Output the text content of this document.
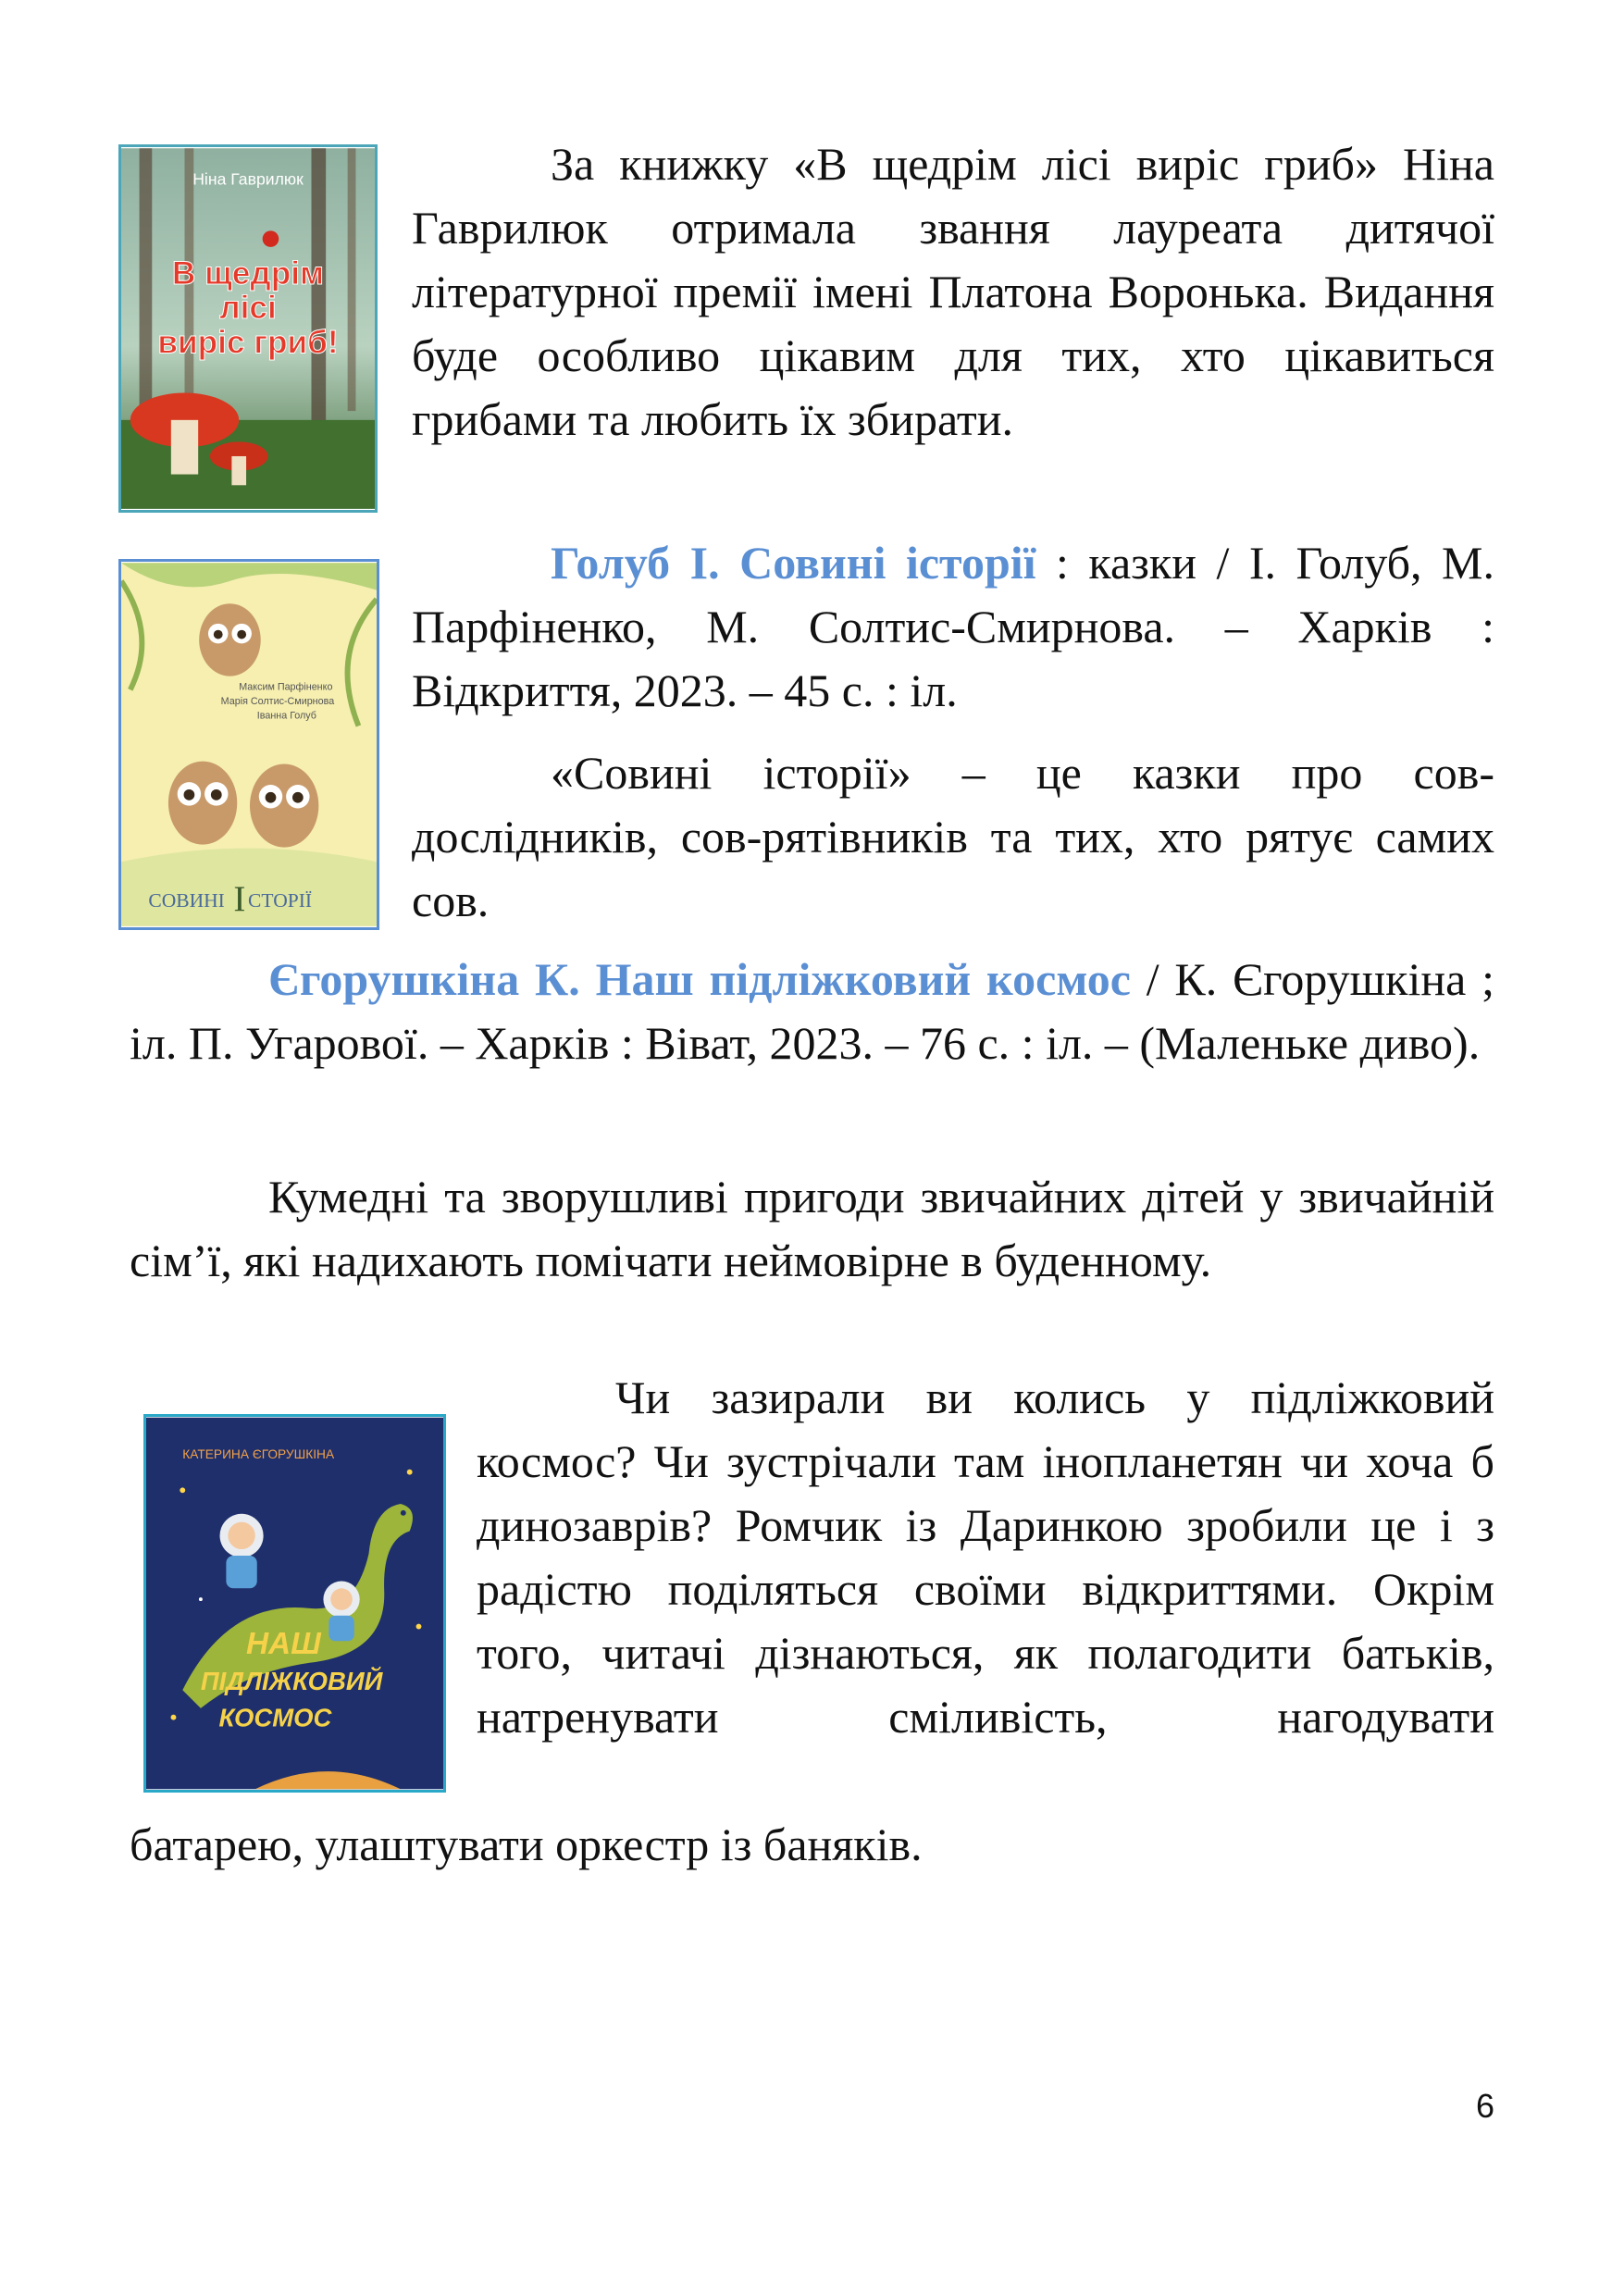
Ніна Гаврилюк
В щедрім
лісі
виріс гриб!

За книжку «В щедрім лісі виріс гриб» Ніна Гаврилюк отримала звання лауреата дитячої літературної премії імені Платона Воронька. Видання буде особливо цікавим для тих, хто цікавиться грибами та любить їх збирати.

Максим Парфіненко
Марія Солтис-Смирнова
Іванна Голуб
СОВИНІ І СТОРІЇ

Голуб І. Совині історії : казки / І. Голуб, М. Парфіненко, М. Солтис-Смирнова. – Харків : Відкриття, 2023. – 45 с. : іл.

«Совині історії» – це казки про сов-дослідників, сов-рятівників та тих, хто рятує самих сов.

Єгорушкіна К. Наш підліжковий космос / К. Єгорушкіна ; іл. П. Угарової. – Харків : Віват, 2023. – 76 с. : іл. – (Маленьке диво).

Кумедні та зворушливі пригоди звичайних дітей у звичайній сім’ї, які надихають помічати неймовірне в буденному.

КАТЕРИНА ЄГОРУШКІНА
НАШ
ПІДЛІЖКОВИЙ
КОСМОС

Чи зазирали ви колись у підліжковий космос? Чи зустрічали там інопланетян чи хоча б динозаврів? Ромчик із Даринкою зробили це і з радістю поділяться своїми відкриттями. Окрім того, читачі дізнаються, як полагодити батьків, натренувати сміливість, нагодувати

батарею, улаштувати оркестр із баняків.

6
